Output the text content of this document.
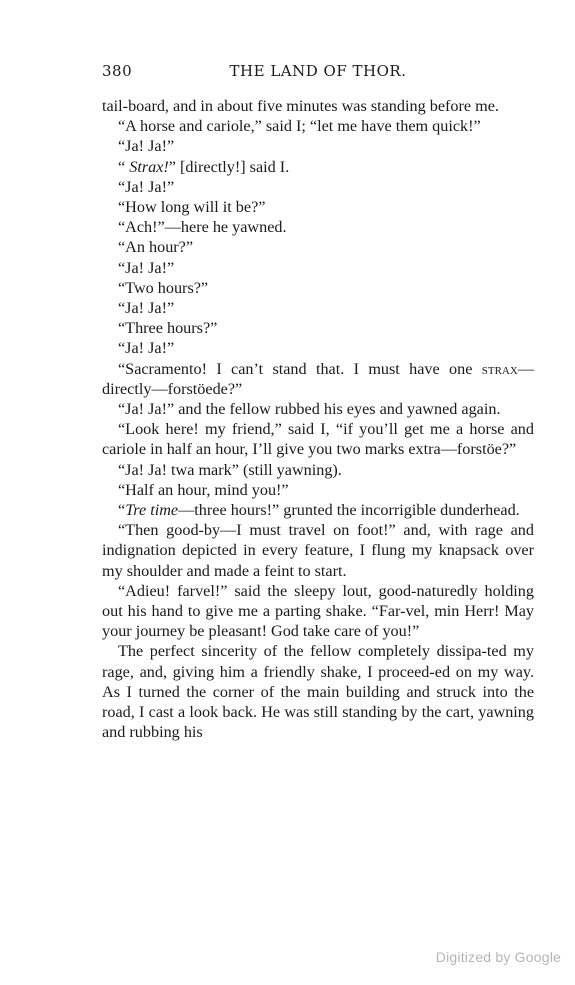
380	THE LAND OF THOR.

tail-board, and in about five minutes was standing before me.

“A horse and cariole,” said I; “let me have them quick!”

“Ja! Ja!”

“ Strax!” [directly!] said I.

“Ja! Ja!”

“How long will it be?”

“Ach!”—here he yawned.

“An hour?”

“Ja! Ja!”

“Two hours?”

“Ja! Ja!”

“Three hours?”

“Ja! Ja!”

“Sacramento! I can’t stand that. I must have one strax—directly—forstöede?”

“Ja! Ja!” and the fellow rubbed his eyes and yawned again.

“Look here! my friend,” said I, “if you’ll get me a horse and cariole in half an hour, I’ll give you two marks extra—forstöe?”

“Ja! Ja! twa mark” (still yawning).

“Half an hour, mind you!”

“Tre time—three hours!” grunted the incorrigible dunderhead.

“Then good-by—I must travel on foot!” and, with rage and indignation depicted in every feature, I flung my knapsack over my shoulder and made a feint to start.

“Adieu! farvel!” said the sleepy lout, good-naturedly holding out his hand to give me a parting shake. “Far-vel, min Herr! May your journey be pleasant! God take care of you!”

The perfect sincerity of the fellow completely dissipa-ted my rage, and, giving him a friendly shake, I proceed-ed on my way. As I turned the corner of the main building and struck into the road, I cast a look back. He was still standing by the cart, yawning and rubbing his

Digitized by Google
